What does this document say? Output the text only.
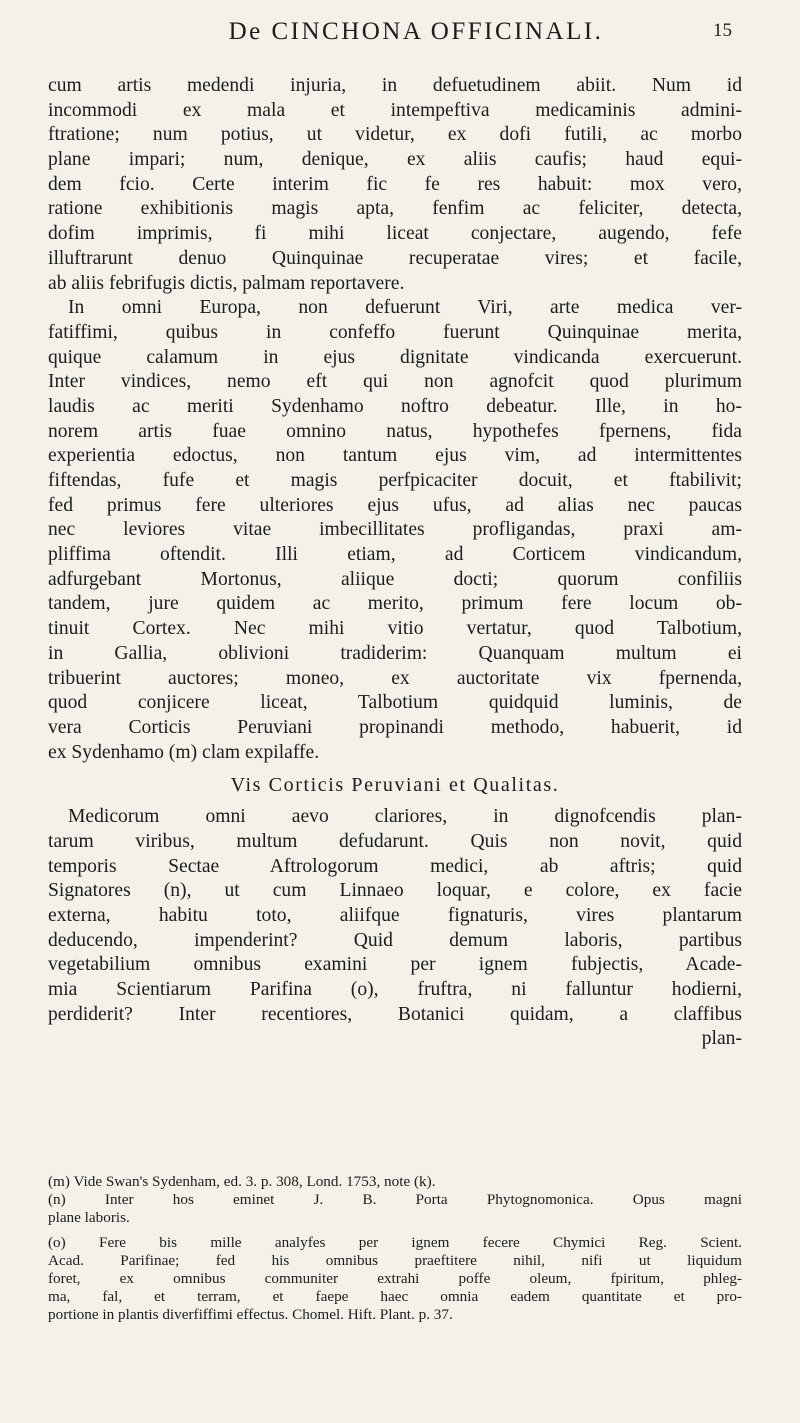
De CINCHONA OFFICINALI.	15
cum artis medendi injuria, in defuetudinem abiit. Num id
incommodi ex mala et intempeftiva medicaminis admini-
ftratione; num potius, ut videtur, ex dofi futili, ac morbo
plane impari; num, denique, ex aliis caufis; haud equi-
dem fcio. Certe interim fic fe res habuit: mox vero,
ratione exhibitionis magis apta, fenfim ac feliciter, detecta,
dofim imprimis, fi mihi liceat conjectare, augendo, fefe
illuftrarunt denuo Quinquinae recuperatae vires; et facile,
ab aliis febrifugis dictis, palmam reportavere.
In omni Europa, non defuerunt Viri, arte medica ver-
fatiffimi, quibus in confeffo fuerunt Quinquinae merita,
quique calamum in ejus dignitate vindicanda exercuerunt.
Inter vindices, nemo eft qui non agnofcit quod plurimum
laudis ac meriti Sydenhamo noftro debeatur. Ille, in ho-
norem artis fuae omnino natus, hypothefes fpernens, fida
experientia edoctus, non tantum ejus vim, ad intermittentes
fiftendas, fufe et magis perfpicaciter docuit, et ftabilivit;
fed primus fere ulteriores ejus ufus, ad alias nec paucas
nec leviores vitae imbecillitates profligandas, praxi am-
pliffima oftendit. Illi etiam, ad Corticem vindicandum,
adfurgebant Mortonus, aliique docti; quorum confiliis
tandem, jure quidem ac merito, primum fere locum ob-
tinuit Cortex. Nec mihi vitio vertatur, quod Talbotium,
in Gallia, oblivioni tradiderim: Quanquam multum ei
tribuerint auctores; moneo, ex auctoritate vix fpernenda,
quod conjicere liceat, Talbotium quidquid luminis, de
vera Corticis Peruviani propinandi methodo, habuerit, id
ex Sydenhamo (m) clam expilaffe.
Vis Corticis Peruviani et Qualitas.
Medicorum omni aevo clariores, in dignofcendis plan-
tarum viribus, multum defudarunt. Quis non novit, quid
temporis Sectae Aftrologorum medici, ab aftris; quid
Signatores (n), ut cum Linnaeo loquar, e colore, ex facie
externa, habitu toto, aliifque fignaturis, vires plantarum
deducendo, impenderint? Quid demum laboris, partibus
vegetabilium omnibus examini per ignem fubjectis, Acade-
mia Scientiarum Parifina (o), fruftra, ni falluntur hodierni,
perdiderit? Inter recentiores, Botanici quidam, a claffibus
plan-
(m) Vide Swan's Sydenham, ed. 3. p. 308, Lond. 1753, note (k).
(n) Inter hos eminet J. B. Porta Phytognomonica. Opus magni
plane laboris.
(o) Fere bis mille analyfes per ignem fecere Chymici Reg. Scient.
Acad. Parifinae; fed his omnibus praeftitere nihil, nifi ut liquidum
foret, ex omnibus communiter extrahi poffe oleum, fpiritum, phleg-
ma, fal, et terram, et faepe haec omnia eadem quantitate et pro-
portione in plantis diverfiffimi effectus. Chomel. Hift. Plant. p. 37.
